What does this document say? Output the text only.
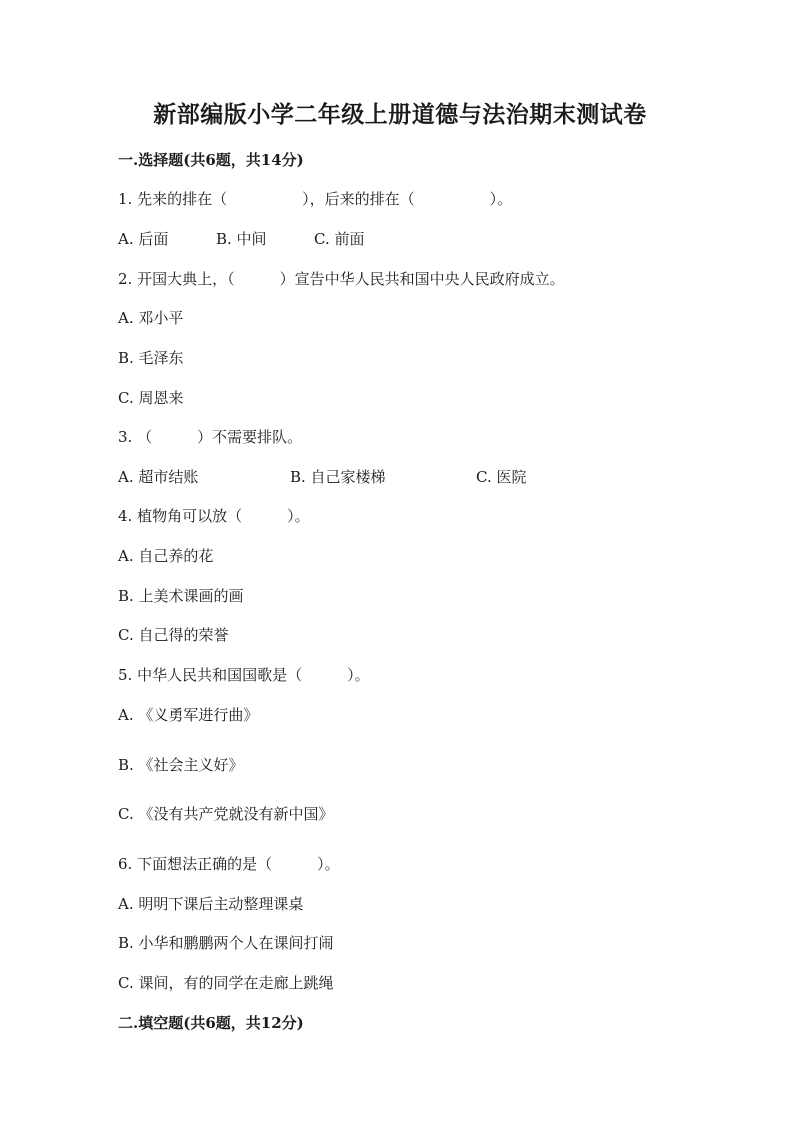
新部编版小学二年级上册道德与法治期末测试卷
一.选择题(共6题，共14分)
1. 先来的排在（　　　　　），后来的排在（　　　　　）。
A. 后面	B. 中间	C. 前面
2. 开国大典上，（　　　）宣告中华人民共和国中央人民政府成立。
A. 邓小平
B. 毛泽东
C. 周恩来
3. （　　　）不需要排队。
A. 超市结账	B. 自己家楼梯	C. 医院
4. 植物角可以放（　　　）。
A. 自己养的花
B. 上美术课画的画
C. 自己得的荣誉
5. 中华人民共和国国歌是（　　　）。
A. 《义勇军进行曲》
B. 《社会主义好》
C. 《没有共产党就没有新中国》
6. 下面想法正确的是（　　　）。
A. 明明下课后主动整理课桌
B. 小华和鹏鹏两个人在课间打闹
C. 课间，有的同学在走廊上跳绳
二.填空题(共6题，共12分)
